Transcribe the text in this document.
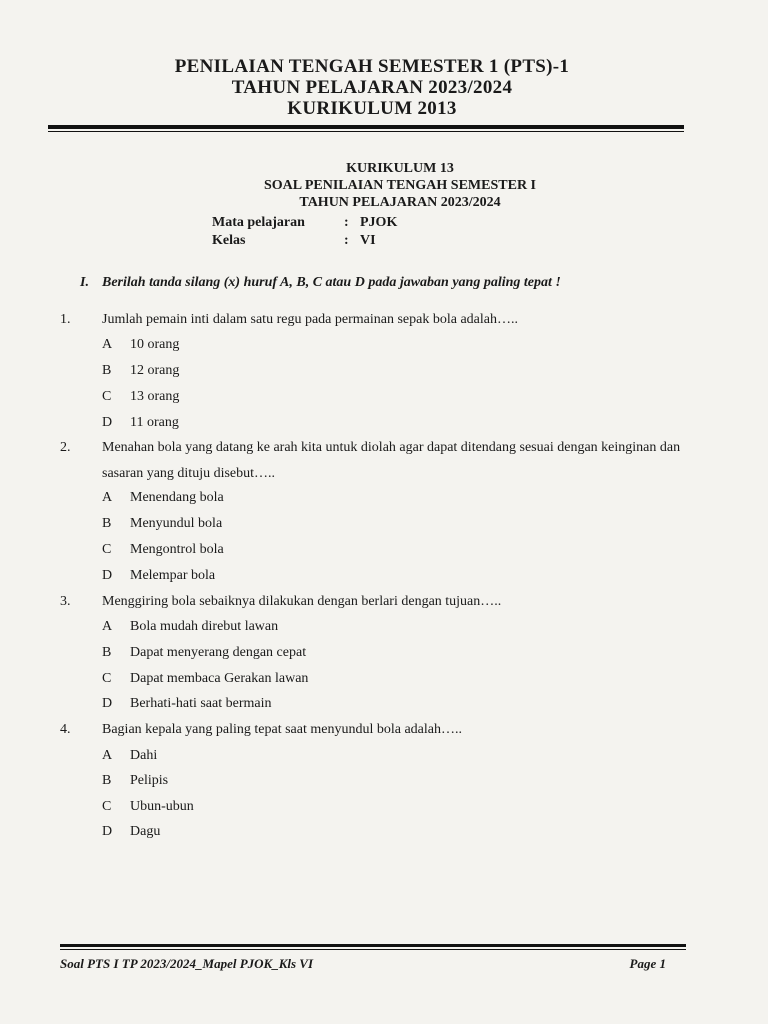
PENILAIAN TENGAH SEMESTER 1 (PTS)-1
TAHUN PELAJARAN 2023/2024
KURIKULUM 2013
KURIKULUM 13
SOAL PENILAIAN TENGAH SEMESTER I
TAHUN PELAJARAN 2023/2024
Mata pelajaran	: PJOK
Kelas	: VI
I. Berilah tanda silang (x) huruf A, B, C atau D pada jawaban yang paling tepat !
1. Jumlah pemain inti dalam satu regu pada permainan sepak bola adalah…..
A	10 orang
B	12 orang
C	13 orang
D	11 orang
2. Menahan bola yang datang ke arah kita untuk diolah agar dapat ditendang sesuai dengan keinginan dan sasaran yang dituju disebut…..
A	Menendang bola
B	Menyundul bola
C	Mengontrol bola
D	Melempar bola
3. Menggiring bola sebaiknya dilakukan dengan berlari dengan tujuan…..
A	Bola mudah direbut lawan
B	Dapat menyerang dengan cepat
C	Dapat membaca Gerakan lawan
D	Berhati-hati saat bermain
4. Bagian kepala yang paling tepat saat menyundul bola adalah…..
A	Dahi
B	Pelipis
C	Ubun-ubun
D	Dagu
Soal PTS I TP 2023/2024_Mapel PJOK_Kls VI	Page 1
